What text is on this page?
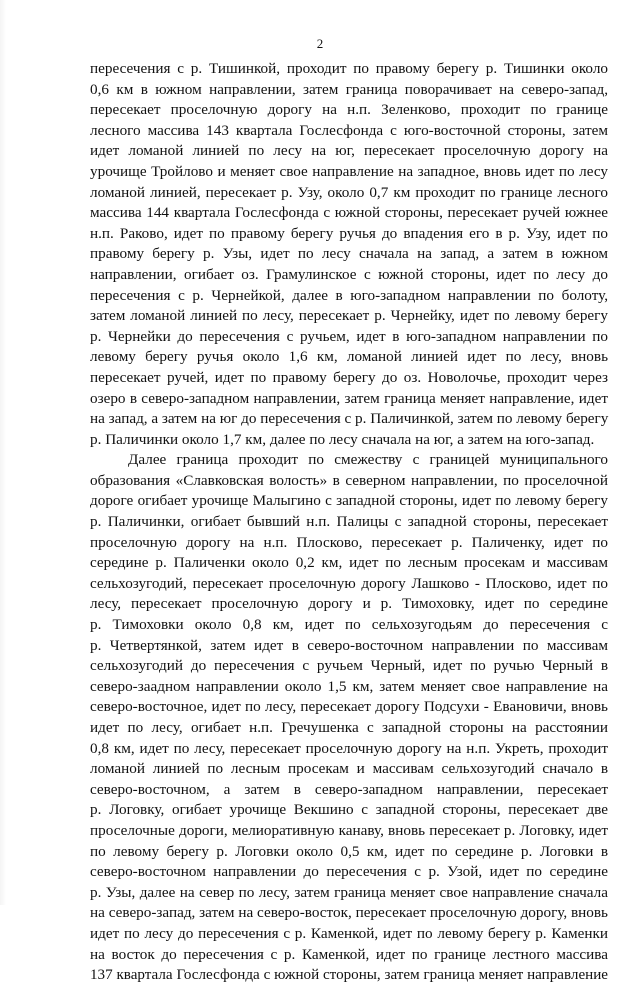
2
пересечения с р. Тишинкой, проходит по правому берегу р. Тишинки около
0,6 км в южном направлении, затем граница поворачивает на северо-запад,
пересекает проселочную дорогу на н.п. Зеленково, проходит по границе
лесного массива 143 квартала Гослесфонда с юго-восточной стороны, затем
идет ломаной линией по лесу на юг, пересекает проселочную дорогу на
урочище Тройлово и меняет свое направление на западное, вновь идет по лесу
ломаной линией, пересекает р. Узу, около 0,7 км проходит по границе лесного
массива 144 квартала Гослесфонда с южной стороны, пересекает ручей южнее
н.п. Раково, идет по правому берегу ручья до впадения его в р. Узу, идет по
правому берегу р. Узы, идет по лесу сначала на запад, а затем в южном
направлении, огибает оз. Грамулинское с южной стороны, идет по лесу до
пересечения с р. Чернейкой, далее в юго-западном направлении по болоту,
затем ломаной линией по лесу, пересекает р. Чернейку, идет по левому берегу
р. Чернейки до пересечения с ручьем, идет в юго-западном направлении по
левому берегу ручья около 1,6 км, ломаной линией идет по лесу, вновь
пересекает ручей, идет по правому берегу до оз. Новолочье, проходит через
озеро в северо-западном направлении, затем граница меняет направление, идет
на запад, а затем на юг до пересечения с р. Паличинкой, затем по левому берегу
р. Паличинки около 1,7 км, далее по лесу сначала на юг, а затем на юго-запад.
Далее граница проходит по смежеству с границей муниципального
образования «Славковская волость» в северном направлении, по проселочной
дороге огибает урочище Малыгино с западной стороны, идет по левому берегу
р. Паличинки, огибает бывший н.п. Палицы с западной стороны, пересекает
проселочную дорогу на н.п. Плосково, пересекает р. Паличенку, идет по
середине р. Паличенки около 0,2 км, идет по лесным просекам и массивам
сельхозугодий, пересекает проселочную дорогу Лашково - Плосково, идет по
лесу, пересекает проселочную дорогу и р. Тимоховку, идет по середине
р. Тимоховки около 0,8 км, идет по сельхозугодьям до пересечения с
р. Четвертянкой, затем идет в северо-восточном направлении по массивам
сельхозугодий до пересечения с ручьем Черный, идет по ручью Черный в
северо-заадном направлении около 1,5 км, затем меняет свое направление на
северо-восточное, идет по лесу, пересекает дорогу Подсухи - Евановичи, вновь
идет по лесу, огибает н.п. Гречушенка с западной стороны на расстоянии
0,8 км, идет по лесу, пересекает проселочную дорогу на н.п. Укреть, проходит
ломаной линией по лесным просекам и массивам сельхозугодий сначало в
северо-восточном, а затем в северо-западном направлении, пересекает
р. Логовку, огибает урочище Векшино с западной стороны, пересекает две
проселочные дороги, мелиоративную канаву, вновь пересекает р. Логовку, идет
по левому берегу р. Логовки около 0,5 км, идет по середине р. Логовки в
северо-восточном направлении до пересечения с р. Узой, идет по середине
р. Узы, далее на север по лесу, затем граница меняет свое направление сначала
на северо-запад, затем на северо-восток, пересекает проселочную дорогу, вновь
идет по лесу до пересечения с р. Каменкой, идет по левому берегу р. Каменки
на восток до пересечения с р. Каменкой, идет по границе лестного массива
137 квартала Гослесфонда с южной стороны, затем граница меняет направление
